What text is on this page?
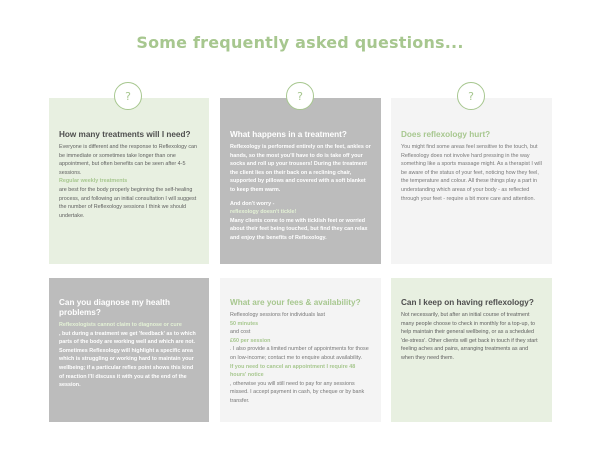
Some frequently asked questions...
How many treatments will I need?

Everyone is different and the response to Reflexology can be immediate or sometimes take longer than one appointment, but often benefits can be seen after 4-5 sessions.

Regular weekly treatments

are best for the body properly beginning the self-healing process, and following an initial consultation I will suggest the number of Reflexology sessions I think we should undertake.

What happens in a treatment?

Reflexology is performed entirely on the feet, ankles or hands, so the most you'll have to do is take off your socks and roll up your trousers! During the treatment the client lies on their back on a reclining chair, supported by pillows and covered with a soft blanket to keep them warm.

And don't worry -

reflexology doesn't tickle!

Many clients come to me with ticklish feet or worried about their feet being touched, but find they can relax and enjoy the benefits of Reflexology.

Does reflexology hurt?

You might find some areas feel sensitive to the touch, but Reflexology does not involve hard pressing in the way something like a sports massage might. As a therapist I will be aware of the status of your feet, noticing how they feel, the temperature and colour. All these things play a part in understanding which areas of your body - as reflected through your feet - require a bit more care and attention.

?	?	?
Can you diagnose my health problems?

Reflexologists cannot claim to diagnose or cure

, but during a treatment we get 'feedback' as to which parts of the body are working well and which are not. Sometimes Reflexology will highlight a specific area which is struggling or working hard to maintain your wellbeing; if a particular reflex point shows this kind of reaction I'll discuss it with you at the end of the session.

What are your fees & availability?

Reflexology sessions for individuals last

50 minutes

and cost

£60 per session

. I also provide a limited number of appointments for those on low-income; contact me to enquire about availability.

If you need to cancel an appointment I require 48 hours' notice

, otherwise you will still need to pay for any sessions missed. I accept payment in cash, by cheque or by bank transfer.

Can I keep on having reflexology?

Not necessarily, but after an initial course of treatment many people choose to check in monthly for a top-up, to help maintain their general wellbeing, or as a scheduled 'de-stress'. Other clients will get back in touch if they start feeling aches and pains, arranging treatments as and when they need them.
